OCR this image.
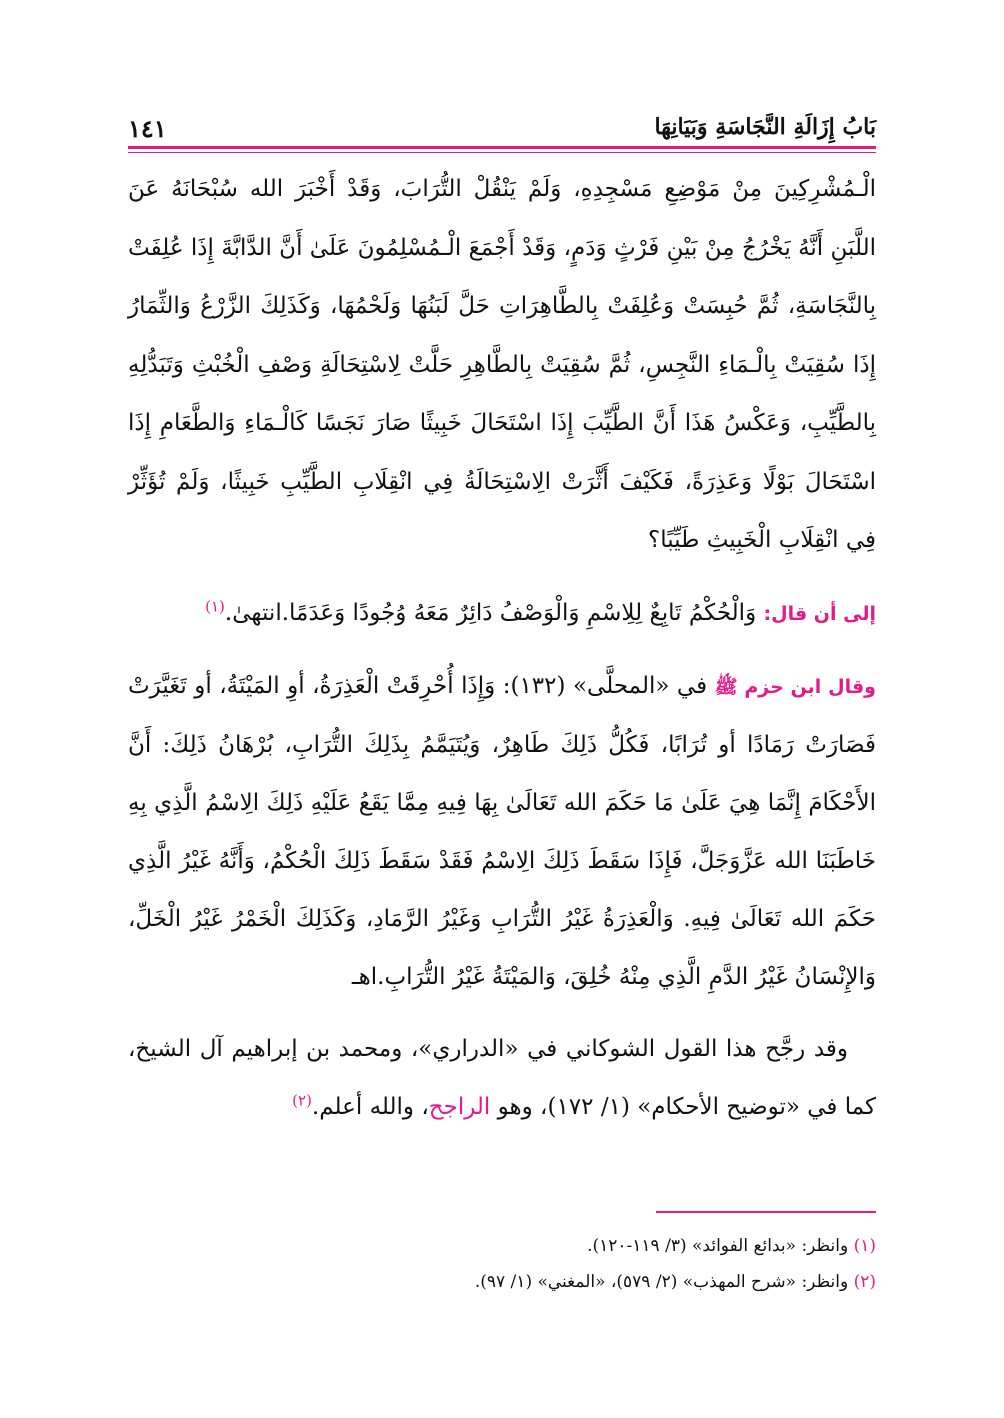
بَابُ إِزَالَةِ النَّجَاسَةِ وَبَيَانِهَا
١٤١

الْـمُشْرِكِينَ مِنْ مَوْضِعِ مَسْجِدِهِ، وَلَمْ يَنْقُلْ التُّرَابَ، وَقَدْ أَخْبَرَ الله سُبْحَانَهُ عَنَ اللَّبَنِ أَنَّهُ يَخْرُجُ مِنْ بَيْنِ فَرْثٍ وَدَمٍ، وَقَدْ أَجْمَعَ الْـمُسْلِمُونَ عَلَىٰ أَنَّ الدَّابَّةَ إِذَا عُلِفَتْ بِالنَّجَاسَةِ، ثُمَّ حُبِسَتْ وَعُلِفَتْ بِالطَّاهِرَاتِ حَلَّ لَبَنُهَا وَلَحْمُهَا، وَكَذَلِكَ الزَّرْعُ وَالثِّمَارُ إِذَا سُقِيَتْ بِالْـمَاءِ النَّجِسِ، ثُمَّ سُقِيَتْ بِالطَّاهِرِ حَلَّتْ لِاسْتِحَالَةِ وَصْفِ الْخُبْثِ وَتَبَدُّلِهِ بِالطَّيِّبِ، وَعَكْسُ هَذَا أَنَّ الطَّيِّبَ إِذَا اسْتَحَالَ خَبِيثًا صَارَ نَجَسًا كَالْـمَاءِ وَالطَّعَامِ إِذَا اسْتَحَالَ بَوْلًا وَعَذِرَةً، فَكَيْفَ أَثَّرَتْ الِاسْتِحَالَةُ فِي انْقِلَابِ الطَّيِّبِ خَبِيثًا، وَلَمْ تُؤَثِّرْ فِي انْقِلَابِ الْخَبِيثِ طَيِّبًا؟

إلى أن قال: وَالْحُكْمُ تَابِعٌ لِلِاسْمِ وَالْوَصْفُ دَائِرٌ مَعَهُ وُجُودًا وَعَدَمًا.انتهىٰ.$^{(١)}$

وقال ابن حزم ﷺ في «المحلَّى» (١٣٢): وَإِذَا أُحْرِقَتْ الْعَذِرَةُ، أوِ المَيْتَةُ، أو تَغَيَّرَتْ فَصَارَتْ رَمَادًا أو تُرَابًا، فَكُلُّ ذَلِكَ طَاهِرٌ، وَيُتَيَمَّمُ بِذَلِكَ التُّرَابِ، بُرْهَانُ ذَلِكَ: أَنَّ الأَحْكَامَ إِنَّمَا هِيَ عَلَىٰ مَا حَكَمَ الله تَعَالَىٰ بِهَا فِيهِ مِمَّا يَقَعُ عَلَيْهِ ذَلِكَ الِاسْمُ الَّذِي بِهِ خَاطَبَنَا الله عَزَّوَجَلَّ، فَإِذَا سَقَطَ ذَلِكَ الِاسْمُ فَقَدْ سَقَطَ ذَلِكَ الْحُكْمُ، وَأَنَّهُ غَيْرُ الَّذِي حَكَمَ الله تَعَالَىٰ فِيهِ. وَالْعَذِرَةُ غَيْرُ التُّرَابِ وَغَيْرُ الرَّمَادِ، وَكَذَلِكَ الْخَمْرُ غَيْرُ الْخَلِّ، وَالإِنْسَانُ غَيْرُ الدَّمِ الَّذِي مِنْهُ خُلِقَ، وَالمَيْتَةُ غَيْرُ التُّرَابِ.اهـ

وقد رجَّح هذا القول الشوكاني في «الدراري»، ومحمد بن إبراهيم آل الشيخ، كما في «توضيح الأحكام» (١/ ١٧٢)، وهو الراجح، والله أعلم.$^{(٢)}$

(١) وانظر: «بدائع الفوائد» (٣/ ١١٩-١٢٠).

(٢) وانظر: «شرح المهذب» (٢/ ٥٧٩)، «المغني» (١/ ٩٧).
